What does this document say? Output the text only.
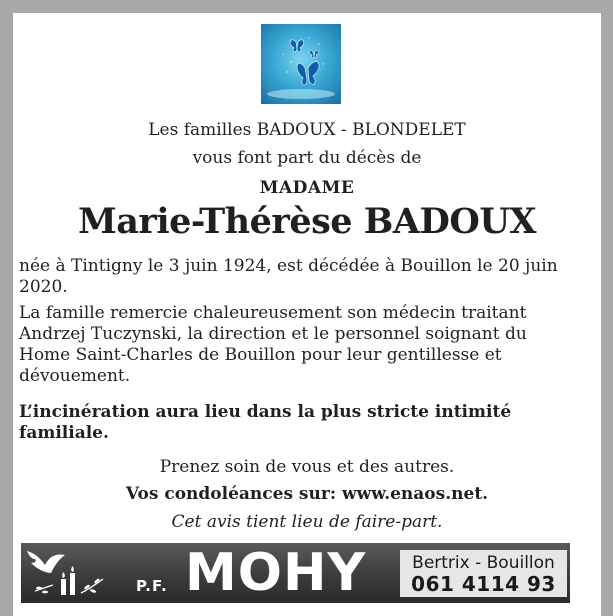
Les familles BADOUX - BLONDELET
vous font part du décès de
MADAME
Marie-Thérèse BADOUX
née à Tintigny le 3 juin 1924, est décédée à Bouillon le 20 juin 2020.
La famille remercie chaleureusement son médecin traitant Andrzej Tuczynski, la direction et le personnel soignant du Home Saint-Charles de Bouillon pour leur gentillesse et dévouement.
L’incinération aura lieu dans la plus stricte intimité familiale.
Prenez soin de vous et des autres.
Vos condoléances sur: www.enaos.net.
Cet avis tient lieu de faire-part.
P.F. MOHY	Bertrix - Bouillon
061 4114 93
